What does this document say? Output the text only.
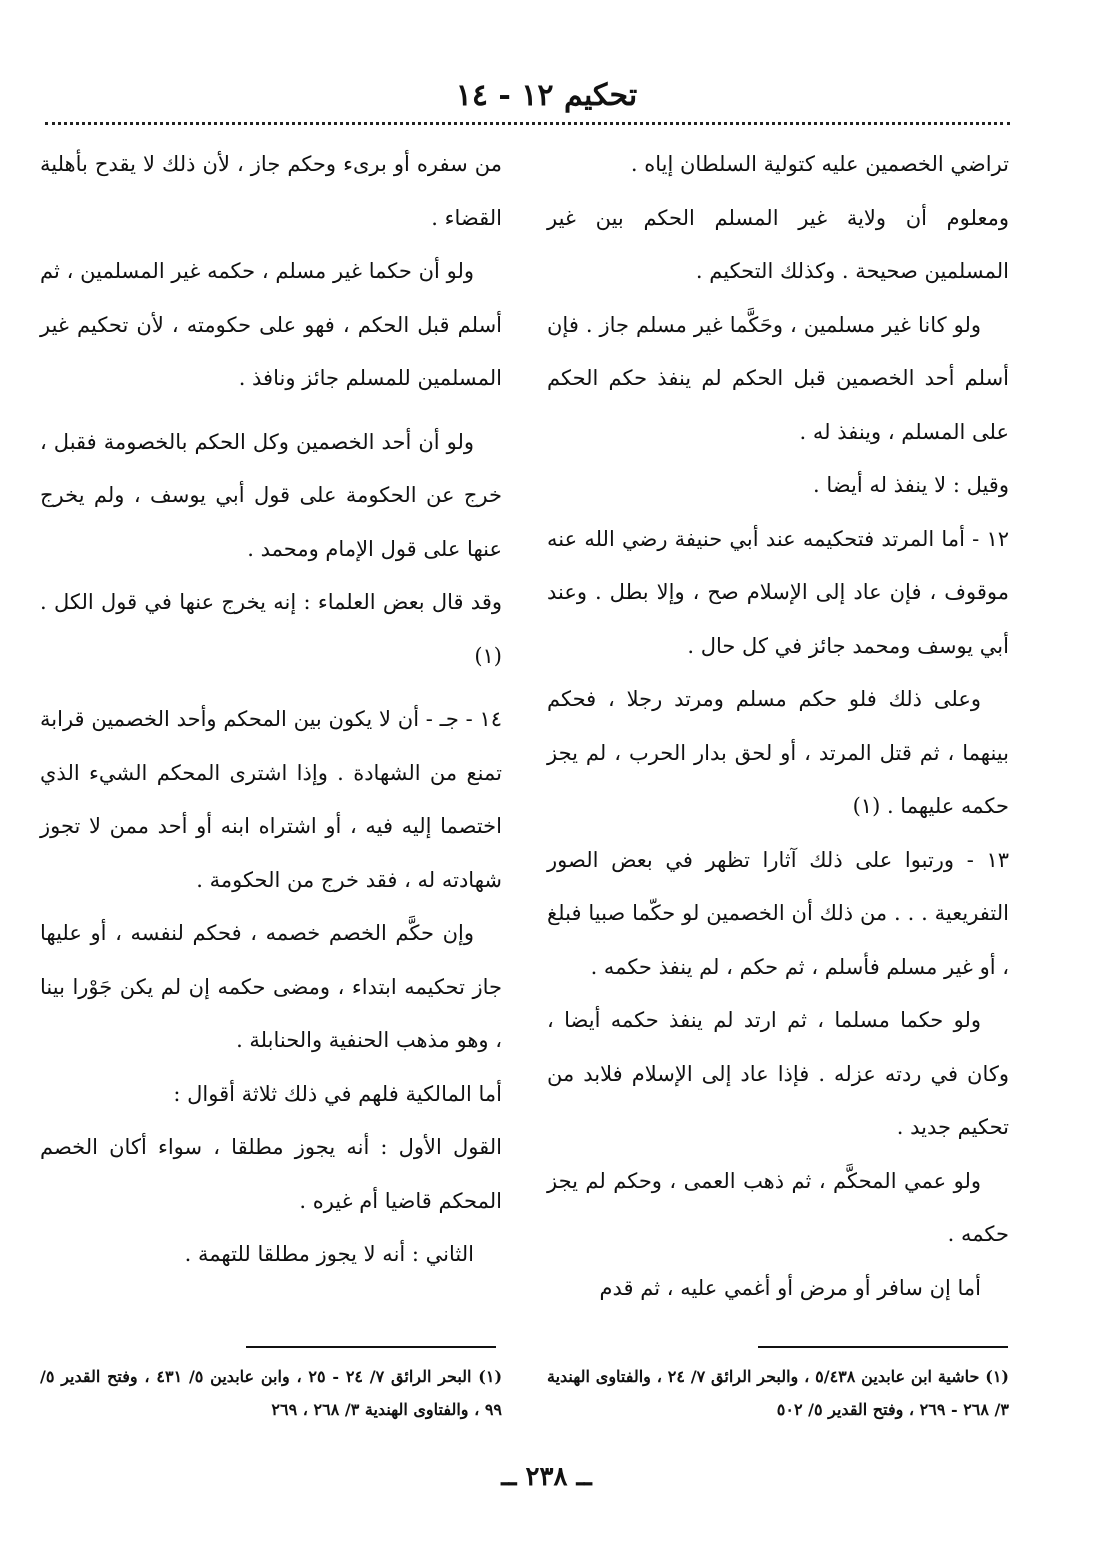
تحكيم ١٢ - ١٤

تراضي الخصمين عليه كتولية السلطان إياه .

ومعلوم أن ولاية غير المسلم الحكم بين غير المسلمين صحيحة . وكذلك التحكيم .

ولو كانا غير مسلمين ، وحَكَّما غير مسلم جاز . فإن أسلم أحد الخصمين قبل الحكم لم ينفذ حكم الحكم على المسلم ، وينفذ له .

وقيل : لا ينفذ له أيضا .

١٢ - أما المرتد فتحكيمه عند أبي حنيفة رضي الله عنه موقوف ، فإن عاد إلى الإسلام صح ، وإلا بطل . وعند أبي يوسف ومحمد جائز في كل حال .

وعلى ذلك فلو حكم مسلم ومرتد رجلا ، فحكم بينهما ، ثم قتل المرتد ، أو لحق بدار الحرب ، لم يجز حكمه عليهما . (١)

١٣ - ورتبوا على ذلك آثارا تظهر في بعض الصور التفريعية . . . من ذلك أن الخصمين لو حكّما صبيا فبلغ ، أو غير مسلم فأسلم ، ثم حكم ، لم ينفذ حكمه .

ولو حكما مسلما ، ثم ارتد لم ينفذ حكمه أيضا ، وكان في ردته عزله . فإذا عاد إلى الإسلام فلابد من تحكيم جديد .

ولو عمي المحكَّم ، ثم ذهب العمى ، وحكم لم يجز حكمه .

أما إن سافر أو مرض أو أغمي عليه ، ثم قدم

من سفره أو برىء وحكم جاز ، لأن ذلك لا يقدح بأهلية القضاء .

ولو أن حكما غير مسلم ، حكمه غير المسلمين ، ثم أسلم قبل الحكم ، فهو على حكومته ، لأن تحكيم غير المسلمين للمسلم جائز ونافذ .

ولو أن أحد الخصمين وكل الحكم بالخصومة فقبل ، خرج عن الحكومة على قول أبي يوسف ، ولم يخرج عنها على قول الإمام ومحمد .

وقد قال بعض العلماء : إنه يخرج عنها في قول الكل . (١)

١٤ - جـ - أن لا يكون بين المحكم وأحد الخصمين قرابة تمنع من الشهادة . وإذا اشترى المحكم الشيء الذي اختصما إليه فيه ، أو اشتراه ابنه أو أحد ممن لا تجوز شهادته له ، فقد خرج من الحكومة .

وإن حكَّم الخصم خصمه ، فحكم لنفسه ، أو عليها جاز تحكيمه ابتداء ، ومضى حكمه إن لم يكن جَوْرا بينا ، وهو مذهب الحنفية والحنابلة .

أما المالكية فلهم في ذلك ثلاثة أقوال :

القول الأول : أنه يجوز مطلقا ، سواء أكان الخصم المحكم قاضيا أم غيره .

الثاني : أنه لا يجوز مطلقا للتهمة .

(١) حاشية ابن عابدين ٥/٤٣٨ ، والبحر الرائق ٧/ ٢٤ ، والفتاوى الهندية ٣/ ٢٦٨ - ٢٦٩ ، وفتح القدير ٥/ ٥٠٢

(١) البحر الرائق ٧/ ٢٤ - ٢٥ ، وابن عابدين ٥/ ٤٣١ ، وفتح القدير ٥/ ٩٩ ، والفتاوى الهندية ٣/ ٢٦٨ ، ٢٦٩

ــ ٢٣٨ ــ
